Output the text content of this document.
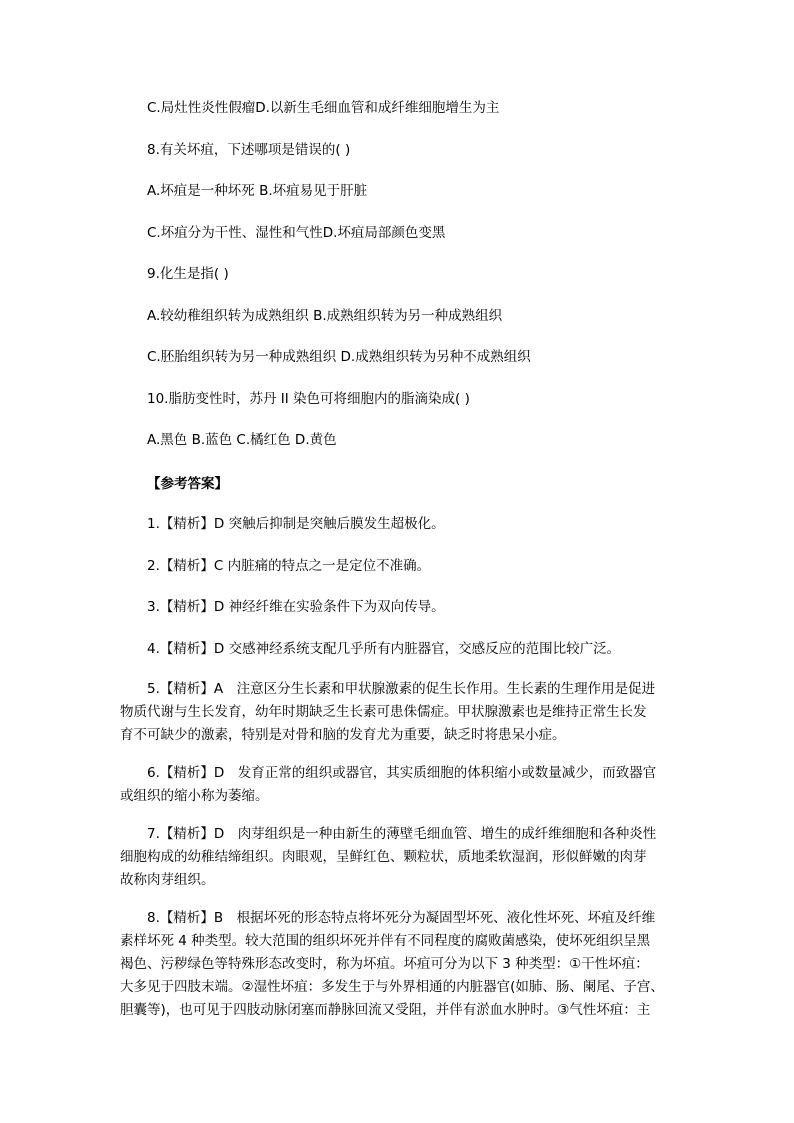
C.局灶性炎性假瘤D.以新生毛细血管和成纤维细胞增生为主
8.有关坏疽，下述哪项是错误的( )
A.坏疽是一种坏死 B.坏疽易见于肝脏
C.坏疽分为干性、湿性和气性D.坏疽局部颜色变黑
9.化生是指( )
A.较幼稚组织转为成熟组织 B.成熟组织转为另一种成熟组织
C.胚胎组织转为另一种成熟组织 D.成熟组织转为另种不成熟组织
10.脂肪变性时，苏丹 II 染色可将细胞内的脂滴染成( )
A.黑色 B.蓝色 C.橘红色 D.黄色
【参考答案】
1.【精析】D 突触后抑制是突触后膜发生超极化。
2.【精析】C 内脏痛的特点之一是定位不准确。
3.【精析】D 神经纤维在实验条件下为双向传导。
4.【精析】D 交感神经系统支配几乎所有内脏器官，交感反应的范围比较广泛。
　　5.【精析】A　注意区分生长素和甲状腺激素的促生长作用。生长素的生理作用是促进
物质代谢与生长发育，幼年时期缺乏生长素可患侏儒症。甲状腺激素也是维持正常生长发
育不可缺少的激素，特别是对骨和脑的发育尤为重要，缺乏时将患呆小症。
　　6.【精析】D　发育正常的组织或器官，其实质细胞的体积缩小或数量减少，而致器官
或组织的缩小称为萎缩。
　　7.【精析】D　肉芽组织是一种由新生的薄壁毛细血管、增生的成纤维细胞和各种炎性
细胞构成的幼稚结缔组织。肉眼观，呈鲜红色、颗粒状，质地柔软湿润，形似鲜嫩的肉芽
故称肉芽组织。
　　8.【精析】B　根据坏死的形态特点将坏死分为凝固型坏死、液化性坏死、坏疽及纤维
素样坏死 4 种类型。较大范围的组织坏死并伴有不同程度的腐败菌感染，使坏死组织呈黑
褐色、污秽绿色等特殊形态改变时，称为坏疽。坏疽可分为以下 3 种类型：①干性坏疽：
大多见于四肢末端。②湿性坏疽：多发生于与外界相通的内脏器官(如肺、肠、阑尾、子宫、
胆囊等)，也可见于四肢动脉闭塞而静脉回流又受阻，并伴有淤血水肿时。③气性坏疽：主
